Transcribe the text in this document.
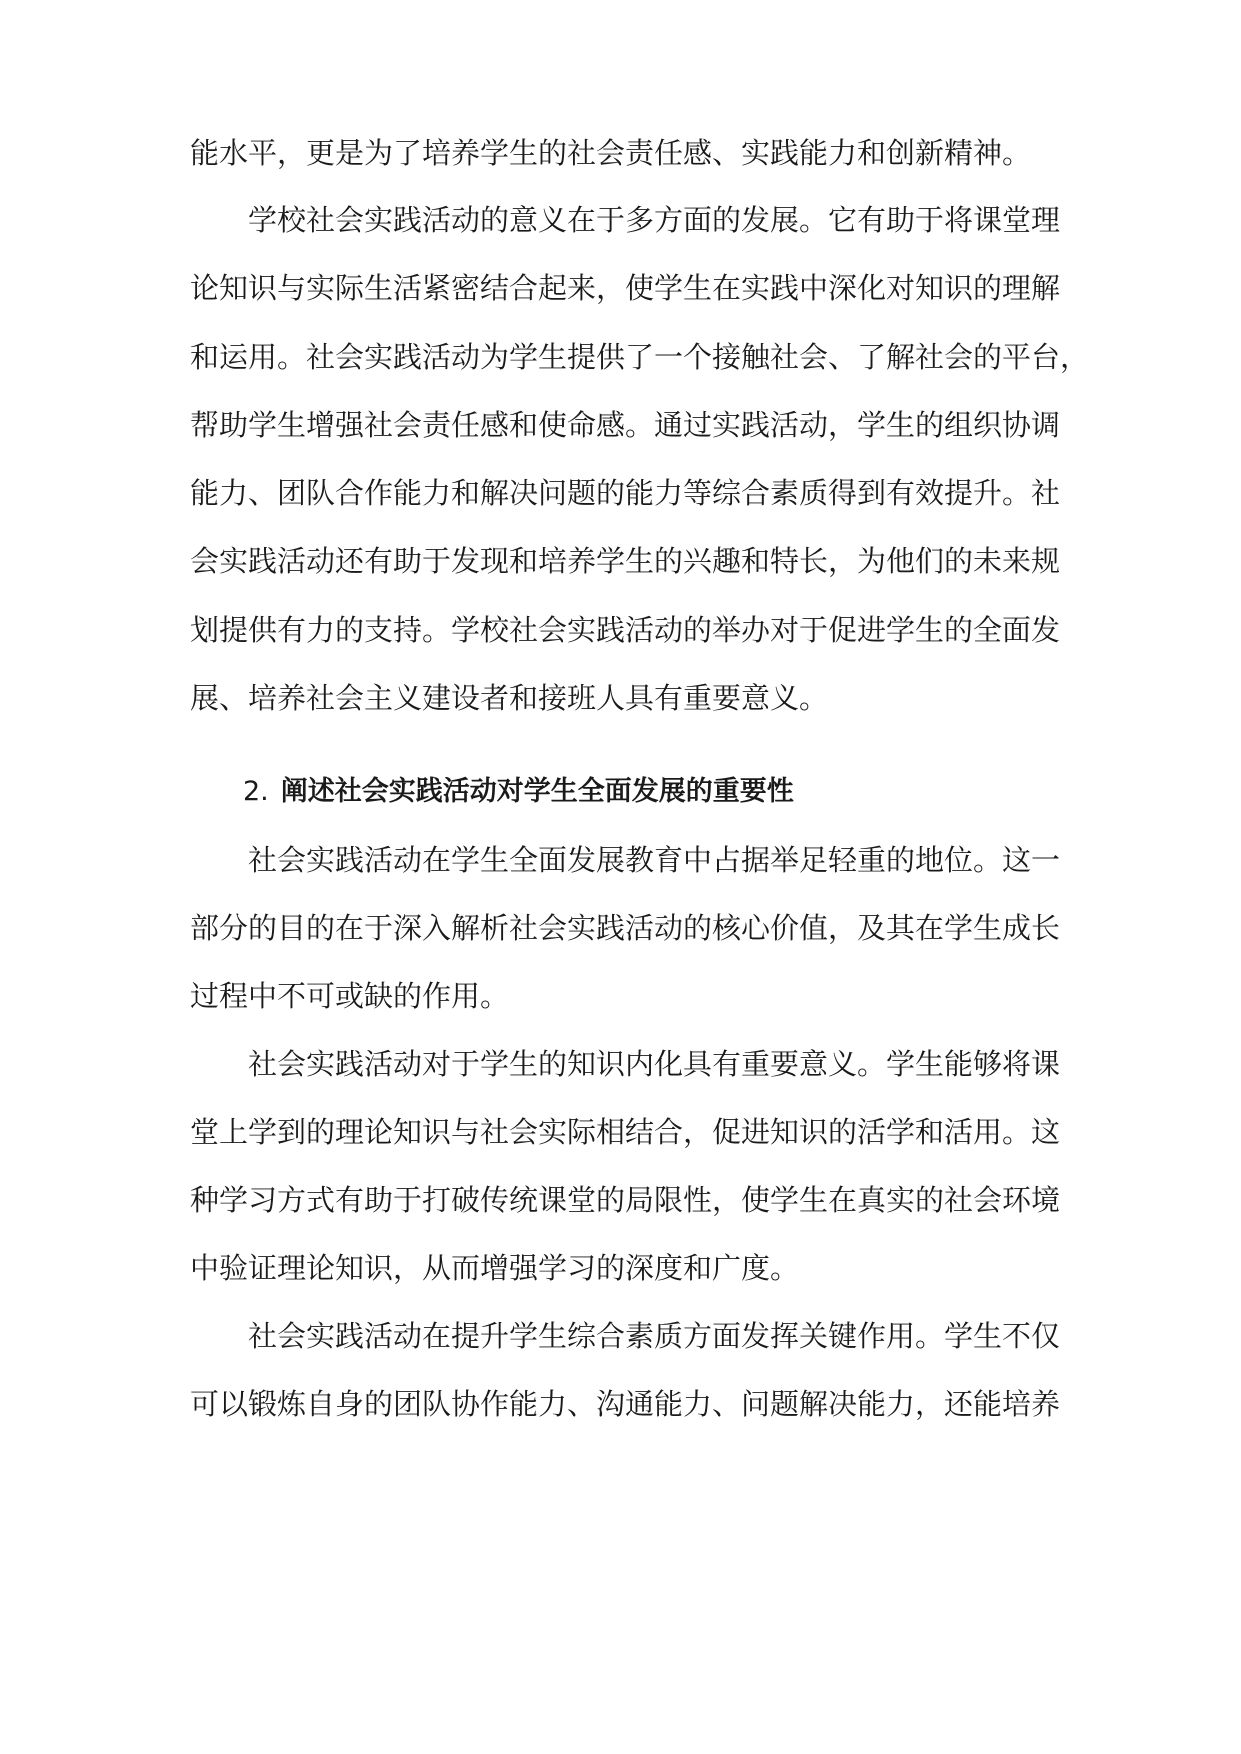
能水平，更是为了培养学生的社会责任感、实践能力和创新精神。
学校社会实践活动的意义在于多方面的发展。它有助于将课堂理
论知识与实际生活紧密结合起来，使学生在实践中深化对知识的理解
和运用。社会实践活动为学生提供了一个接触社会、了解社会的平台，
帮助学生增强社会责任感和使命感。通过实践活动，学生的组织协调
能力、团队合作能力和解决问题的能力等综合素质得到有效提升。社
会实践活动还有助于发现和培养学生的兴趣和特长，为他们的未来规
划提供有力的支持。学校社会实践活动的举办对于促进学生的全面发
展、培养社会主义建设者和接班人具有重要意义。
2. 阐述社会实践活动对学生全面发展的重要性
社会实践活动在学生全面发展教育中占据举足轻重的地位。这一
部分的目的在于深入解析社会实践活动的核心价值，及其在学生成长
过程中不可或缺的作用。
社会实践活动对于学生的知识内化具有重要意义。学生能够将课
堂上学到的理论知识与社会实际相结合，促进知识的活学和活用。这
种学习方式有助于打破传统课堂的局限性，使学生在真实的社会环境
中验证理论知识，从而增强学习的深度和广度。
社会实践活动在提升学生综合素质方面发挥关键作用。学生不仅
可以锻炼自身的团队协作能力、沟通能力、问题解决能力，还能培养
